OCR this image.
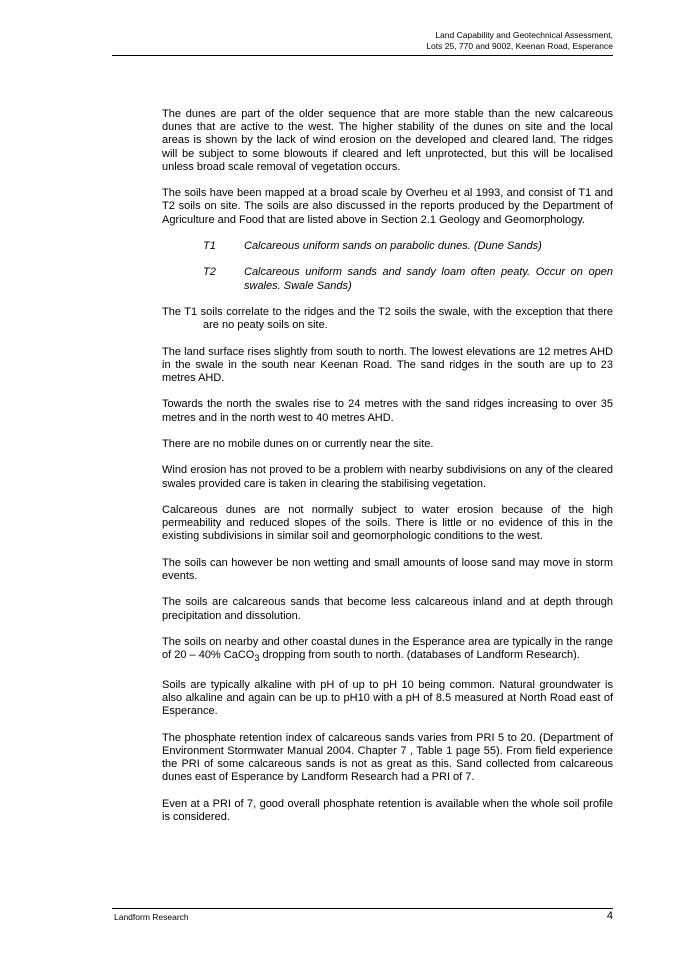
Land Capability and Geotechnical Assessment,
Lots 25, 770 and 9002, Keenan Road, Esperance

The dunes are part of the older sequence that are more stable than the new calcareous dunes that are active to the west. The higher stability of the dunes on site and the local areas is shown by the lack of wind erosion on the developed and cleared land. The ridges will be subject to some blowouts if cleared and left unprotected, but this will be localised unless broad scale removal of vegetation occurs.

The soils have been mapped at a broad scale by Overheu et al 1993, and consist of T1 and T2 soils on site. The soils are also discussed in the reports produced by the Department of Agriculture and Food that are listed above in Section 2.1 Geology and Geomorphology.

T1	Calcareous uniform sands on parabolic dunes. (Dune Sands)
T2	Calcareous uniform sands and sandy loam often peaty. Occur on open swales. Swale Sands)

The T1 soils correlate to the ridges and the T2 soils the swale, with the exception that there are no peaty soils on site.

The land surface rises slightly from south to north. The lowest elevations are 12 metres AHD in the swale in the south near Keenan Road. The sand ridges in the south are up to 23 metres AHD.

Towards the north the swales rise to 24 metres with the sand ridges increasing to over 35 metres and in the north west to 40 metres AHD.

There are no mobile dunes on or currently near the site.

Wind erosion has not proved to be a problem with nearby subdivisions on any of the cleared swales provided care is taken in clearing the stabilising vegetation.

Calcareous dunes are not normally subject to water erosion because of the high permeability and reduced slopes of the soils. There is little or no evidence of this in the existing subdivisions in similar soil and geomorphologic conditions to the west.

The soils can however be non wetting and small amounts of loose sand may move in storm events.

The soils are calcareous sands that become less calcareous inland and at depth through precipitation and dissolution.

The soils on nearby and other coastal dunes in the Esperance area are typically in the range of 20 – 40% CaCO$_3$ dropping from south to north. (databases of Landform Research).

Soils are typically alkaline with pH of up to pH 10 being common. Natural groundwater is also alkaline and again can be up to pH10 with a pH of 8.5 measured at North Road east of Esperance.

The phosphate retention index of calcareous sands varies from PRI 5 to 20. (Department of Environment Stormwater Manual 2004. Chapter 7 , Table 1 page 55). From field experience the PRI of some calcareous sands is not as great as this. Sand collected from calcareous dunes east of Esperance by Landform Research had a PRI of 7.

Even at a PRI of 7, good overall phosphate retention is available when the whole soil profile is considered.

Landform Research	4
